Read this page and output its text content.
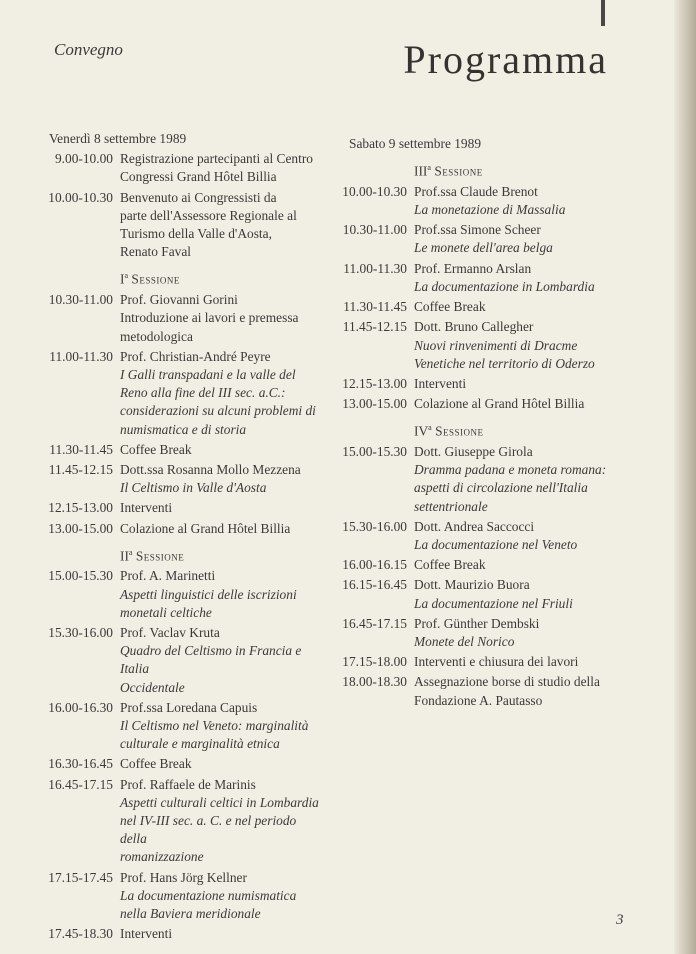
Convegno	Programma
Venerdì 8 settembre 1989
9.00-10.00 Registrazione partecipanti al Centro
Congressi Grand Hôtel Billia
10.00-10.30 Benvenuto ai Congressisti da
parte dell'Assessore Regionale al
Turismo della Valle d'Aosta,
Renato Faval
$I^a$ Sessione
10.30-11.00 Prof. Giovanni Gorini
Introduzione ai lavori e premessa
metodologica
11.00-11.30 Prof. Christian-André Peyre
I Galli transpadani e la valle del
Reno alla fine del III sec. a.C.:
considerazioni su alcuni problemi di
numismatica e di storia
11.30-11.45 Coffee Break
11.45-12.15 Dott.ssa Rosanna Mollo Mezzena
Il Celtismo in Valle d'Aosta
12.15-13.00 Interventi
13.00-15.00 Colazione al Grand Hôtel Billia
$II^a$ Sessione
15.00-15.30 Prof. A. Marinetti
Aspetti linguistici delle iscrizioni
monetali celtiche
15.30-16.00 Prof. Vaclav Kruta
Quadro del Celtismo in Francia e Italia
Occidentale
16.00-16.30 Prof.ssa Loredana Capuis
Il Celtismo nel Veneto: marginalità
culturale e marginalità etnica
16.30-16.45 Coffee Break
16.45-17.15 Prof. Raffaele de Marinis
Aspetti culturali celtici in Lombardia
nel IV-III sec. a. C. e nel periodo della
romanizzazione
17.15-17.45 Prof. Hans Jörg Kellner
La documentazione numismatica
nella Baviera meridionale
17.45-18.30 Interventi
Sabato 9 settembre 1989
III$^a$ Sessione
10.00-10.30 Prof.ssa Claude Brenot
La monetazione di Massalia
10.30-11.00 Prof.ssa Simone Scheer
Le monete dell'area belga
11.00-11.30 Prof. Ermanno Arslan
La documentazione in Lombardia
11.30-11.45 Coffee Break
11.45-12.15 Dott. Bruno Callegher
Nuovi rinvenimenti di Dracme
Venetiche nel territorio di Oderzo
12.15-13.00 Interventi
13.00-15.00 Colazione al Grand Hôtel Billia
$IV^a$ Sessione
15.00-15.30 Dott. Giuseppe Girola
Dramma padana e moneta romana:
aspetti di circolazione nell'Italia
settentrionale
15.30-16.00 Dott. Andrea Saccocci
La documentazione nel Veneto
16.00-16.15 Coffee Break
16.15-16.45 Dott. Maurizio Buora
La documentazione nel Friuli
16.45-17.15 Prof. Günther Dembski
Monete del Norico
17.15-18.00 Interventi e chiusura dei lavori
18.00-18.30 Assegnazione borse di studio della
Fondazione A. Pautasso
3
